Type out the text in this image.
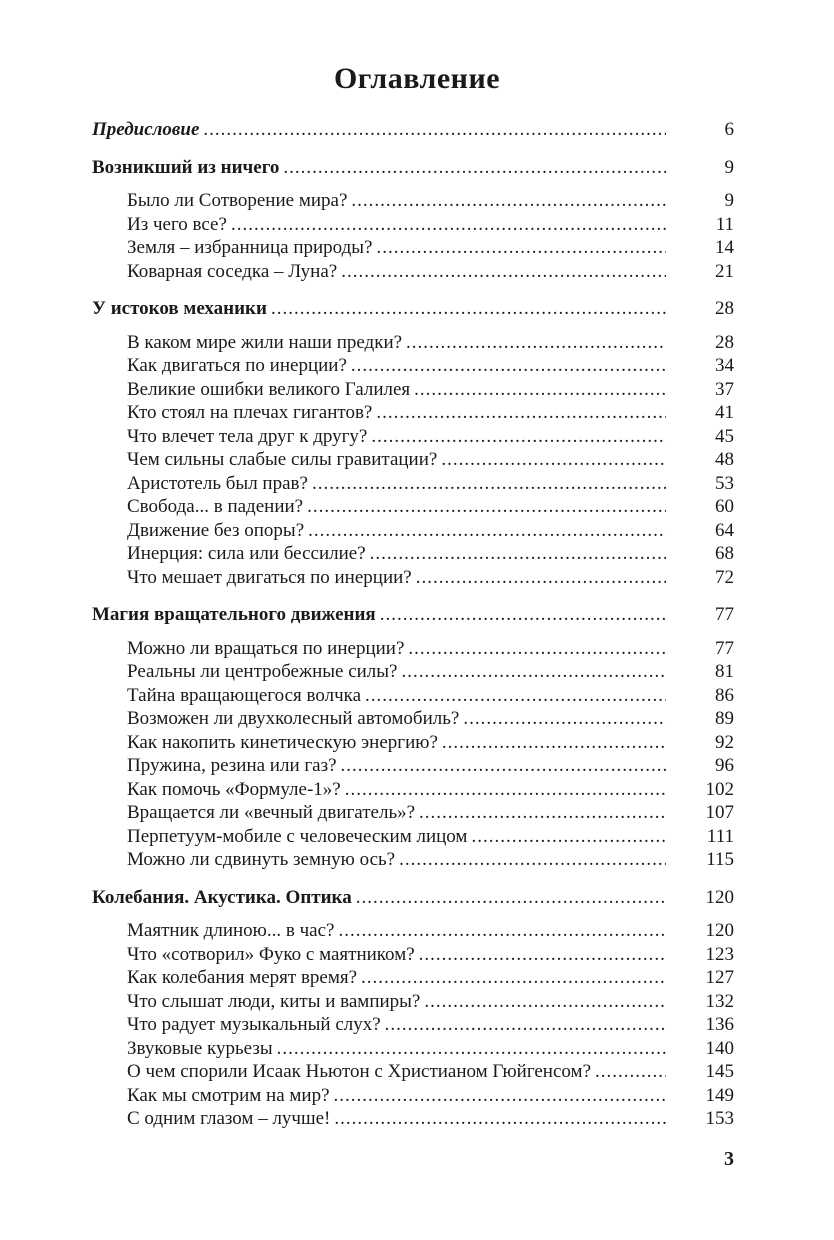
Оглавление
Предисловие .....	6
Возникший из ничего .....	9
Было ли Сотворение мира? .....	9
Из чего все? .....	11
Земля – избранница природы? .....	14
Коварная соседка – Луна? .....	21
У истоков механики .....	28
В каком мире жили наши предки? .....	28
Как двигаться по инерции? .....	34
Великие ошибки великого Галилея .....	37
Кто стоял на плечах гигантов? .....	41
Что влечет тела друг к другу? .....	45
Чем сильны слабые силы гравитации? .....	48
Аристотель был прав? .....	53
Свобода... в падении? .....	60
Движение без опоры? .....	64
Инерция: сила или бессилие? .....	68
Что мешает двигаться по инерции? .....	72
Магия вращательного движения .....	77
Можно ли вращаться по инерции? .....	77
Реальны ли центробежные силы? .....	81
Тайна вращающегося волчка .....	86
Возможен ли двухколесный автомобиль? .....	89
Как накопить кинетическую энергию? .....	92
Пружина, резина или газ? .....	96
Как помочь «Формуле-1»? .....	102
Вращается ли «вечный двигатель»? .....	107
Перпетуум-мобиле с человеческим лицом .....	111
Можно ли сдвинуть земную ось? .....	115
Колебания. Акустика. Оптика .....	120
Маятник длиною... в час? .....	120
Что «сотворил» Фуко с маятником? .....	123
Как колебания мерят время? .....	127
Что слышат люди, киты и вампиры? .....	132
Что радует музыкальный слух? .....	136
Звуковые курьезы .....	140
О чем спорили Исаак Ньютон с Христианом Гюйгенсом? .....	145
Как мы смотрим на мир? .....	149
С одним глазом – лучше! .....	153
3
